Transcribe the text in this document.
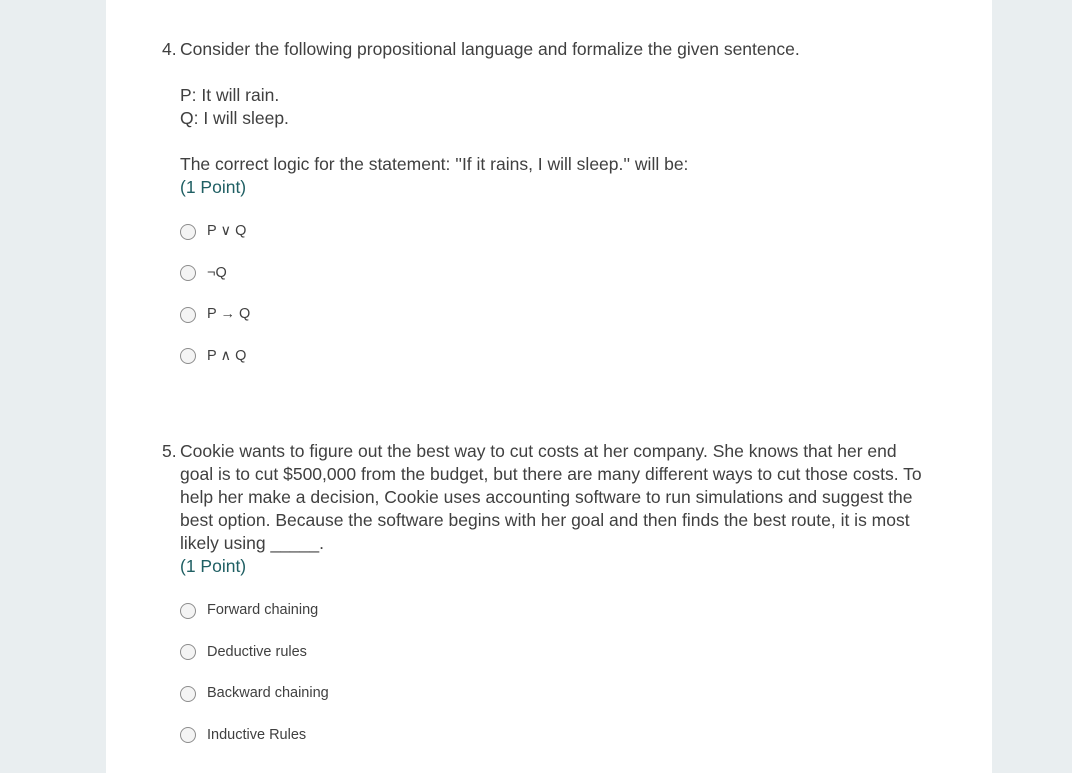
4. Consider the following propositional language and formalize the given sentence.

P: It will rain.

Q: I will sleep.

The correct logic for the statement: ''If it rains, I will sleep.'' will be:

(1 Point)

P ∨ Q
¬Q
P → Q
P ∧ Q
5. Cookie wants to figure out the best way to cut costs at her company. She knows that her end

goal is to cut $500,000 from the budget, but there are many different ways to cut those costs. To

help her make a decision, Cookie uses accounting software to run simulations and suggest the

best option. Because the software begins with her goal and then finds the best route, it is most

likely using _____.

(1 Point)

Forward chaining
Deductive rules
Backward chaining
Inductive Rules
